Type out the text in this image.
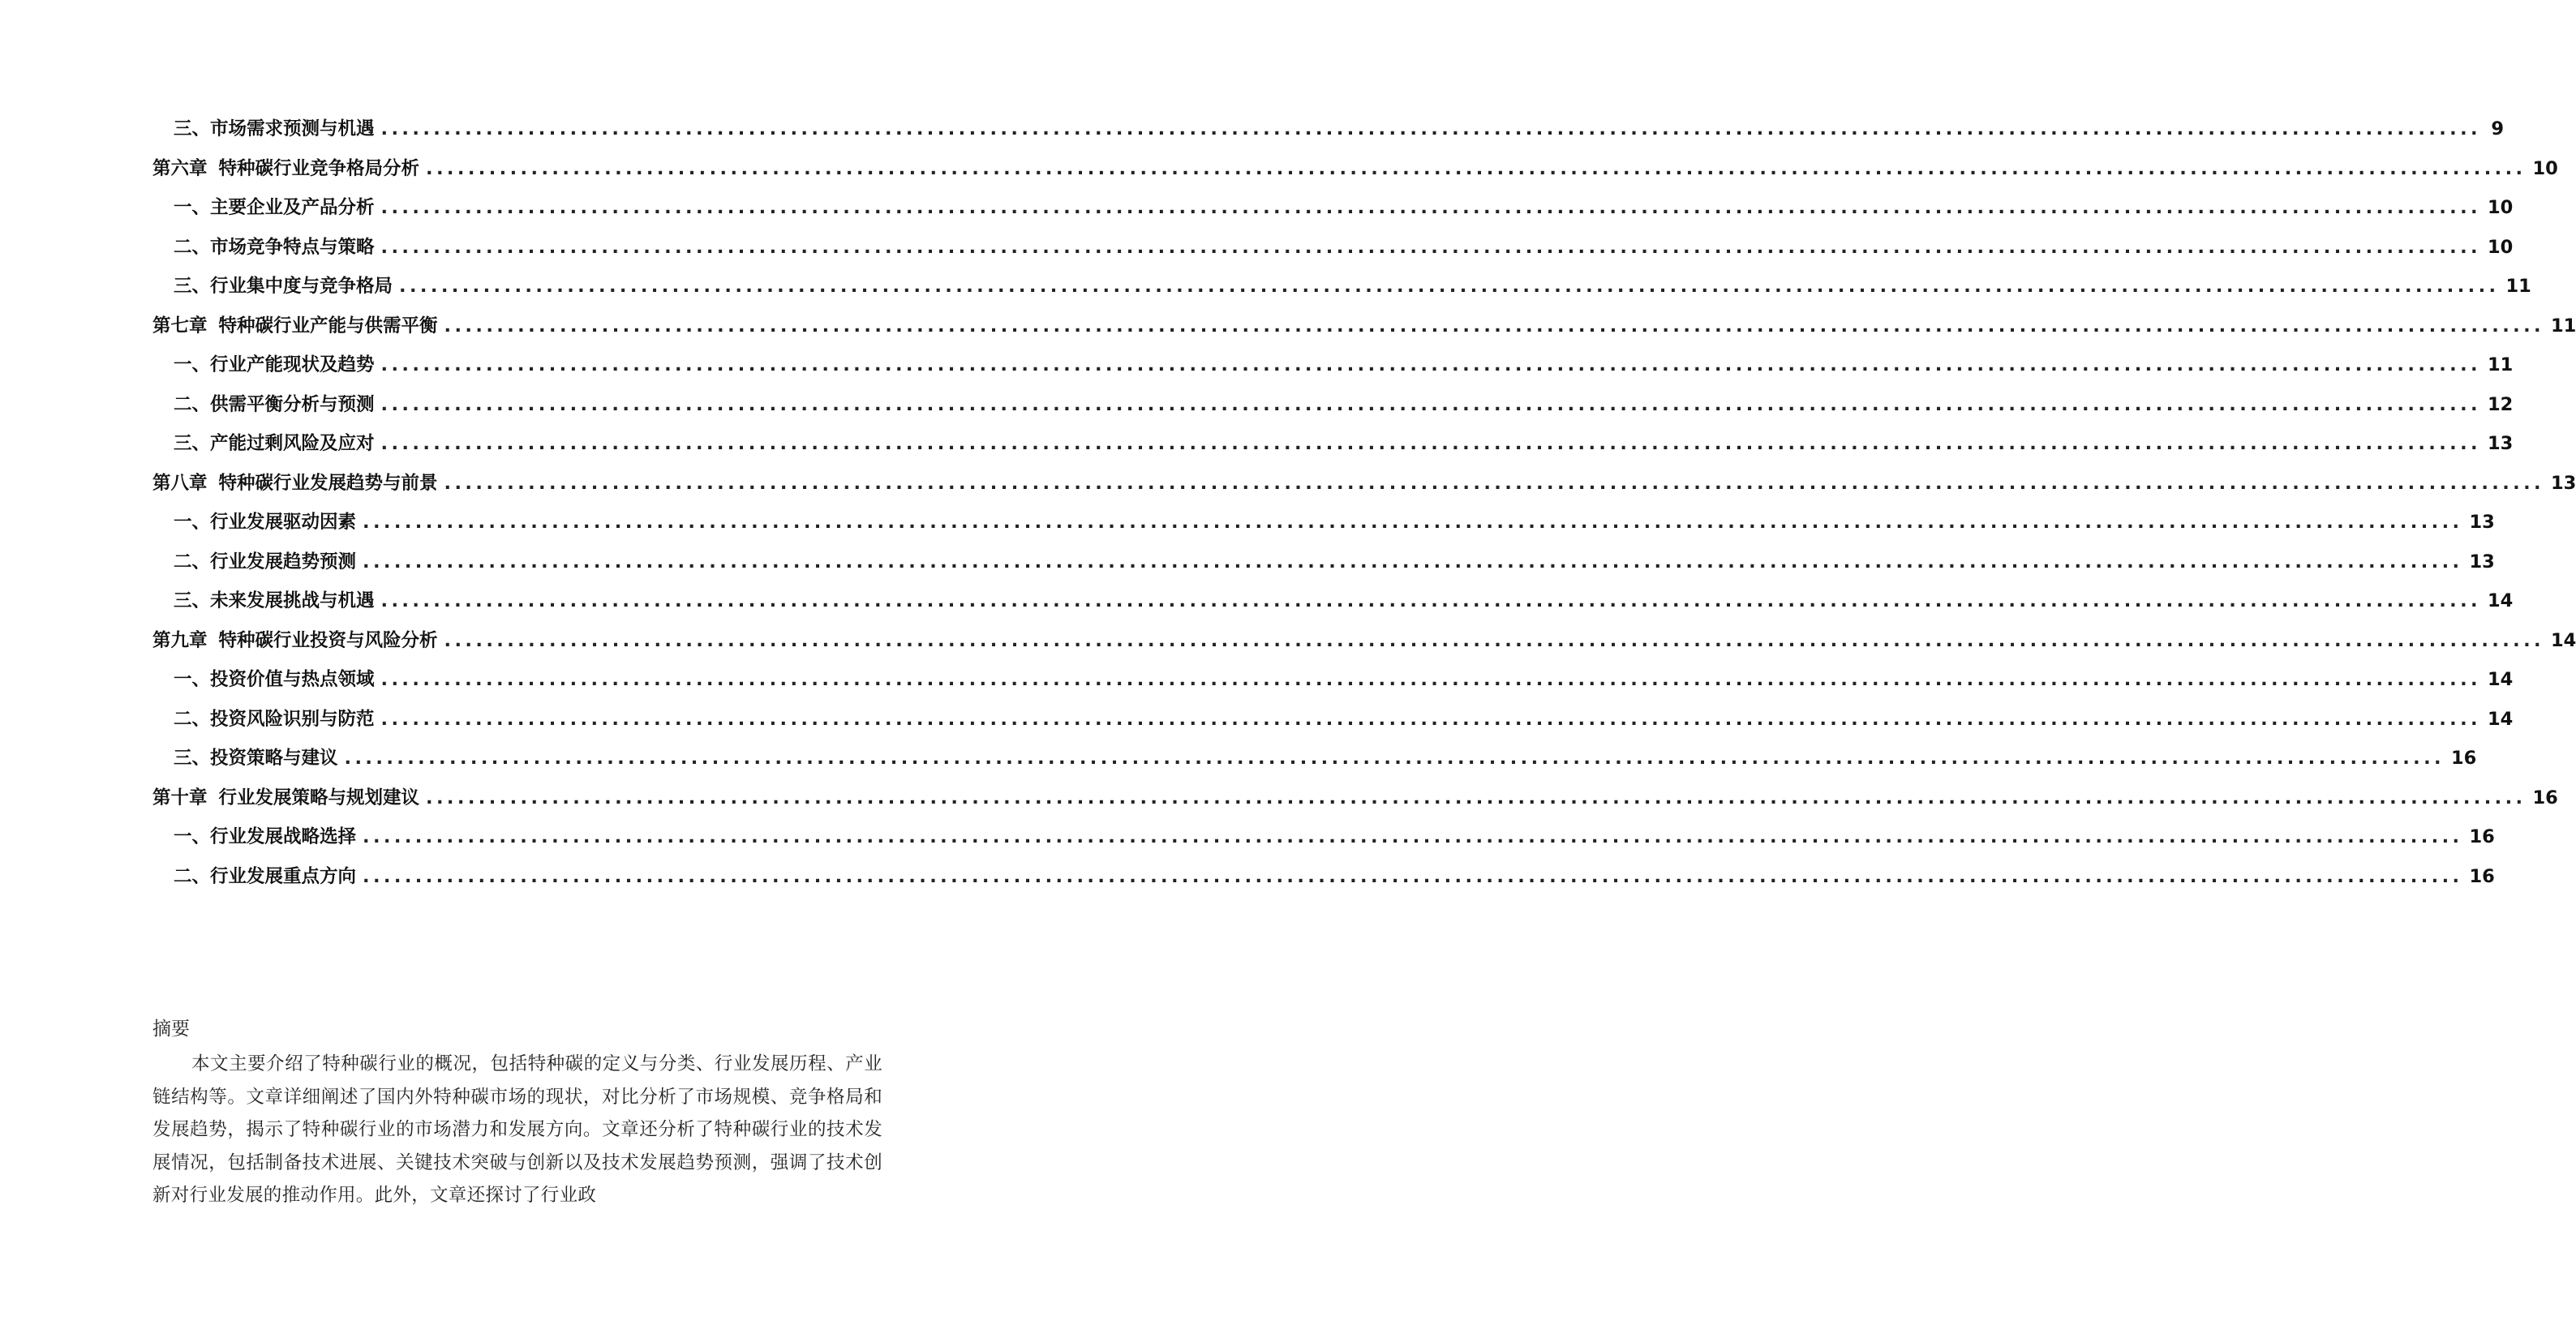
三、 市场需求预测与机遇 ........................................................................................................................................................................................................ 9
第六章 特种碳行业竞争格局分析 ........................................................................................................................................................................................................ 10
一、 主要企业及产品分析 ........................................................................................................................................................................................................ 10
二、 市场竞争特点与策略 ........................................................................................................................................................................................................ 10
三、 行业集中度与竞争格局 ........................................................................................................................................................................................................ 11
第七章 特种碳行业产能与供需平衡 ........................................................................................................................................................................................................ 11
一、 行业产能现状及趋势 ........................................................................................................................................................................................................ 11
二、 供需平衡分析与预测 ........................................................................................................................................................................................................ 12
三、 产能过剩风险及应对 ........................................................................................................................................................................................................ 13
第八章 特种碳行业发展趋势与前景 ........................................................................................................................................................................................................ 13
一、 行业发展驱动因素 ........................................................................................................................................................................................................ 13
二、 行业发展趋势预测 ........................................................................................................................................................................................................ 13
三、 未来发展挑战与机遇 ........................................................................................................................................................................................................ 14
第九章 特种碳行业投资与风险分析 ........................................................................................................................................................................................................ 14
一、 投资价值与热点领域 ........................................................................................................................................................................................................ 14
二、 投资风险识别与防范 ........................................................................................................................................................................................................ 14
三、 投资策略与建议 ........................................................................................................................................................................................................ 16
第十章 行业发展策略与规划建议 ........................................................................................................................................................................................................ 16
一、 行业发展战略选择 ........................................................................................................................................................................................................ 16
二、 行业发展重点方向 ........................................................................................................................................................................................................ 16
摘要

本文主要介绍了特种碳行业的概况，包括特种碳的定义与分类、行业发展历程、产业链结构等。文章详细阐述了国内外特种碳市场的现状，对比分析了市场规模、竞争格局和发展趋势，揭示了特种碳行业的市场潜力和发展方向。文章还分析了特种碳行业的技术发展情况，包括制备技术进展、关键技术突破与创新以及技术发展趋势预测，强调了技术创新对行业发展的推动作用。此外，文章还探讨了行业政
